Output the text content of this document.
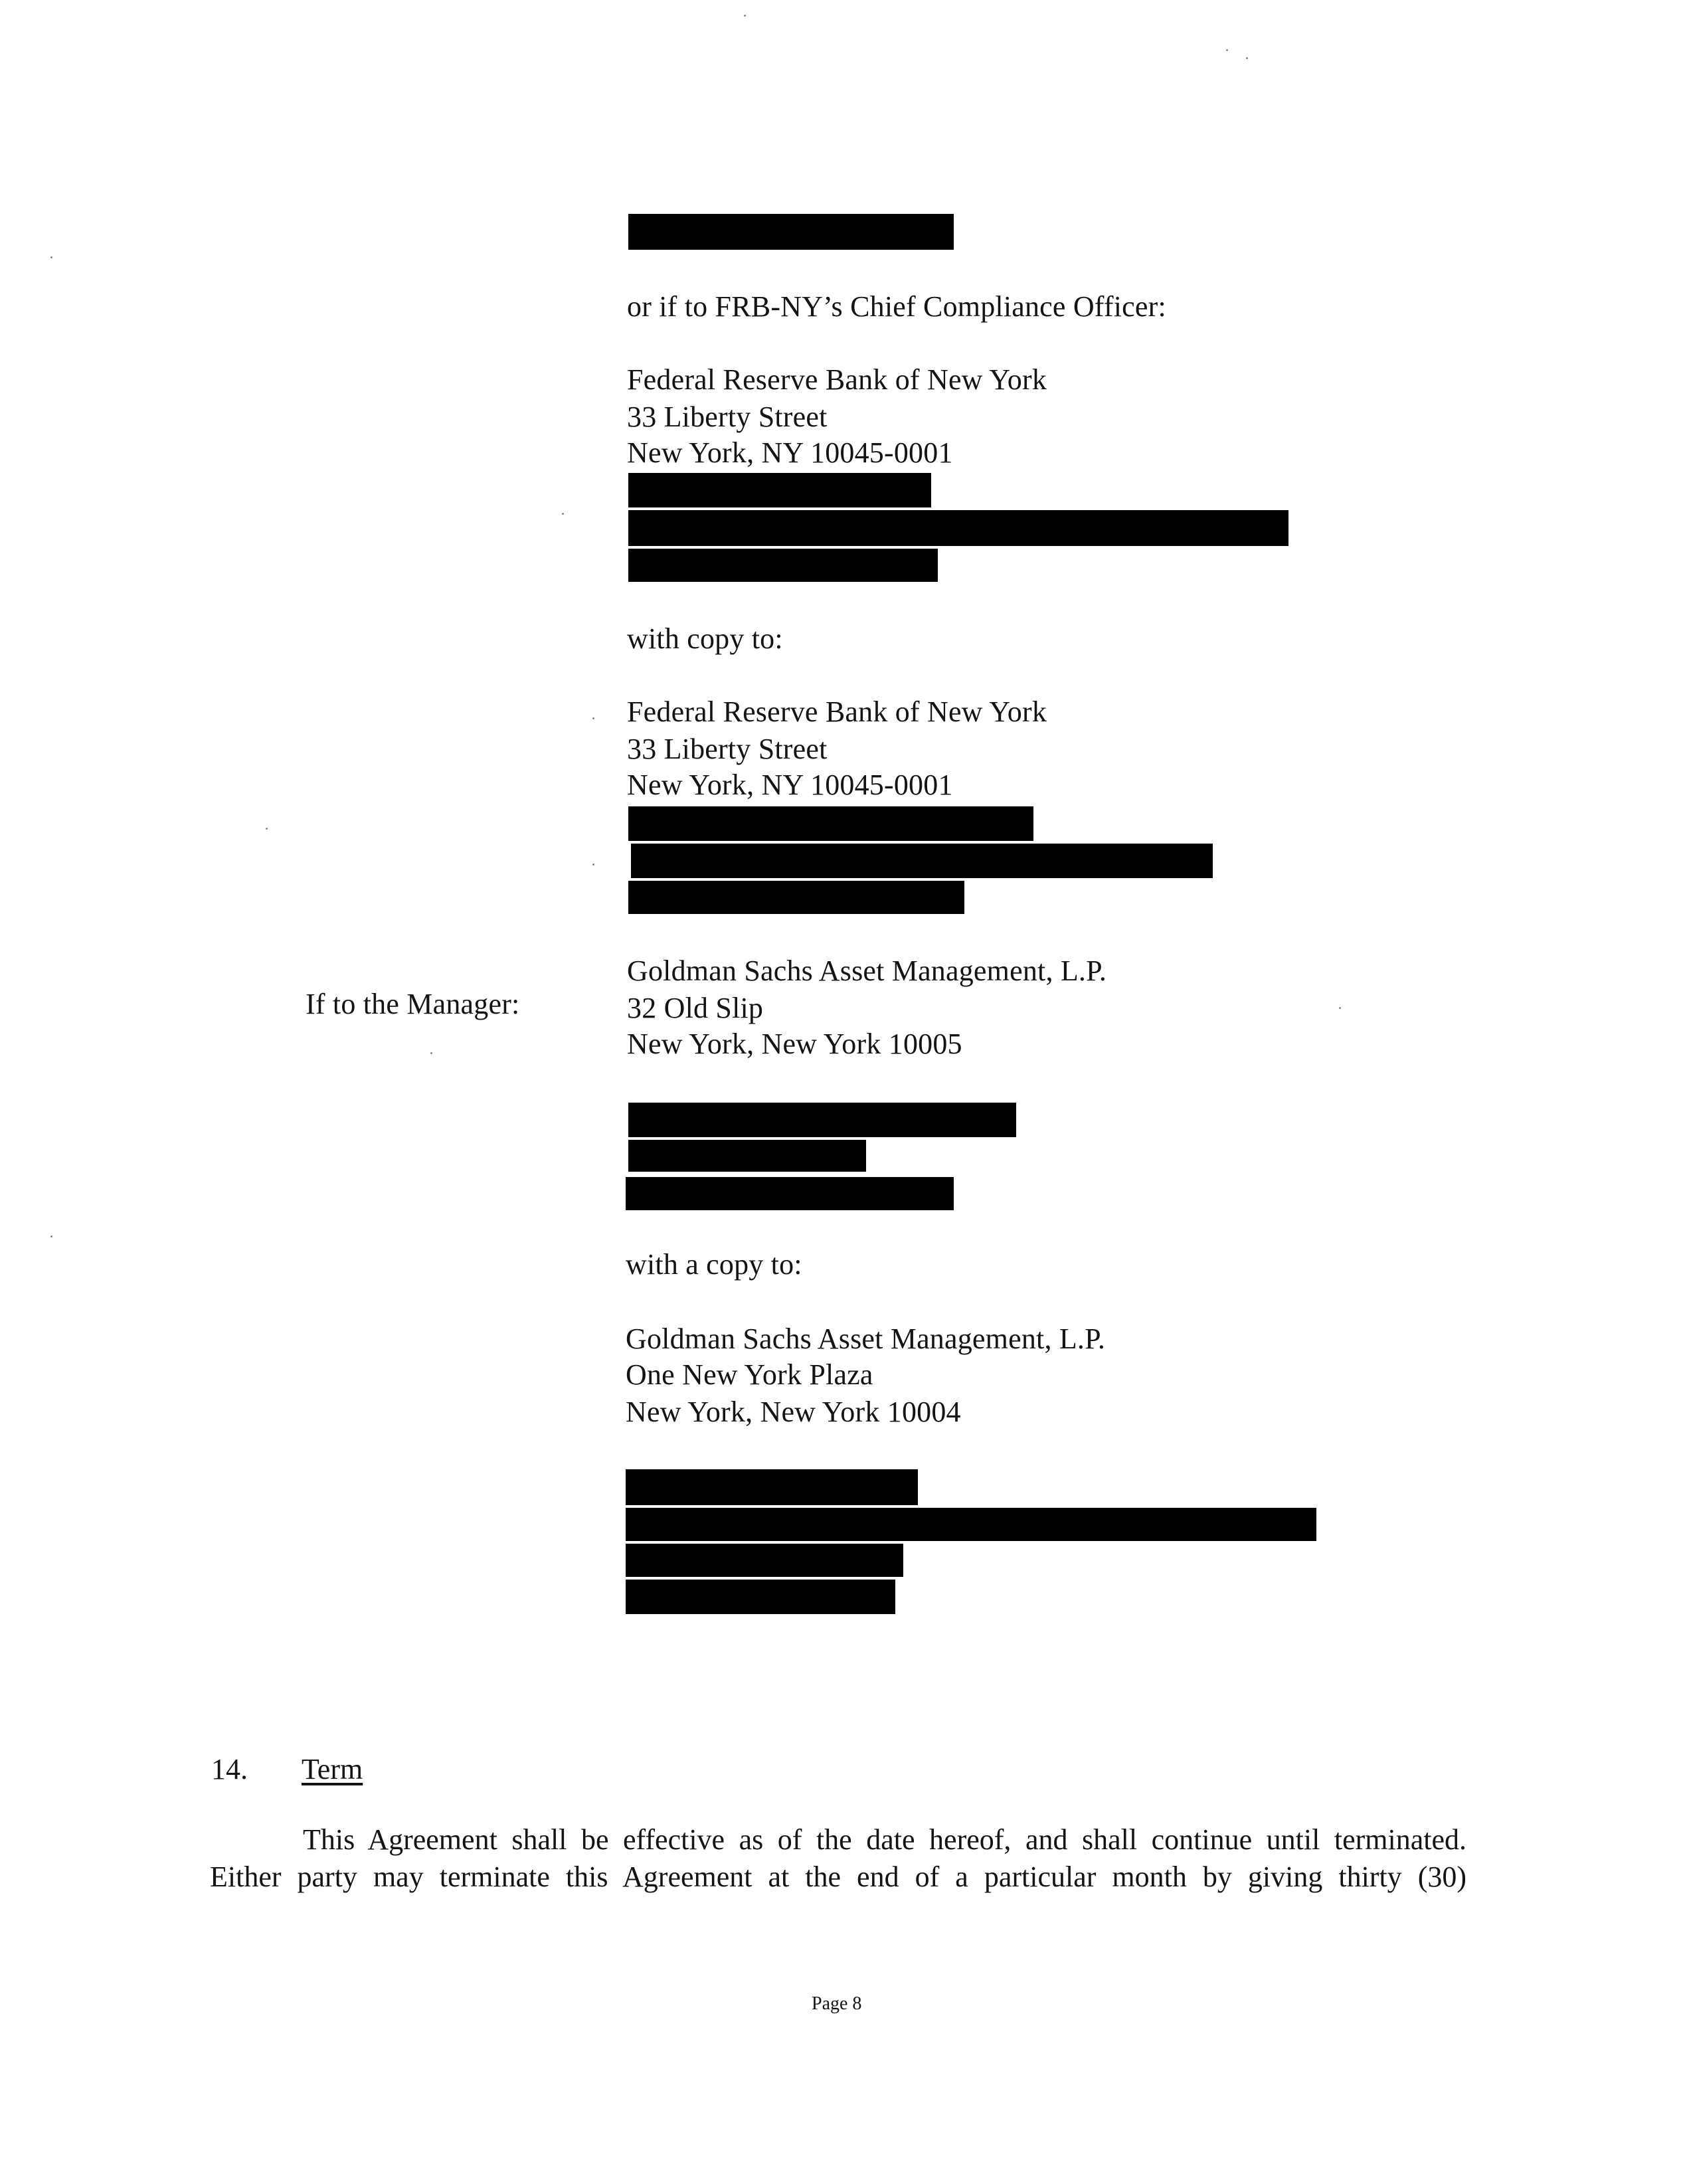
or if to FRB-NY’s Chief Compliance Officer:
Federal Reserve Bank of New York
33 Liberty Street
New York, NY 10045-0001
with copy to:
Federal Reserve Bank of New York
33 Liberty Street
New York, NY 10045-0001
If to the Manager:
Goldman Sachs Asset Management, L.P.
32 Old Slip
New York, New York 10005
with a copy to:
Goldman Sachs Asset Management, L.P.
One New York Plaza
New York, New York 10004
14. Term
This Agreement shall be effective as of the date hereof, and shall continue until terminated.
Either party may terminate this Agreement at the end of a particular month by giving thirty (30)
Page 8
